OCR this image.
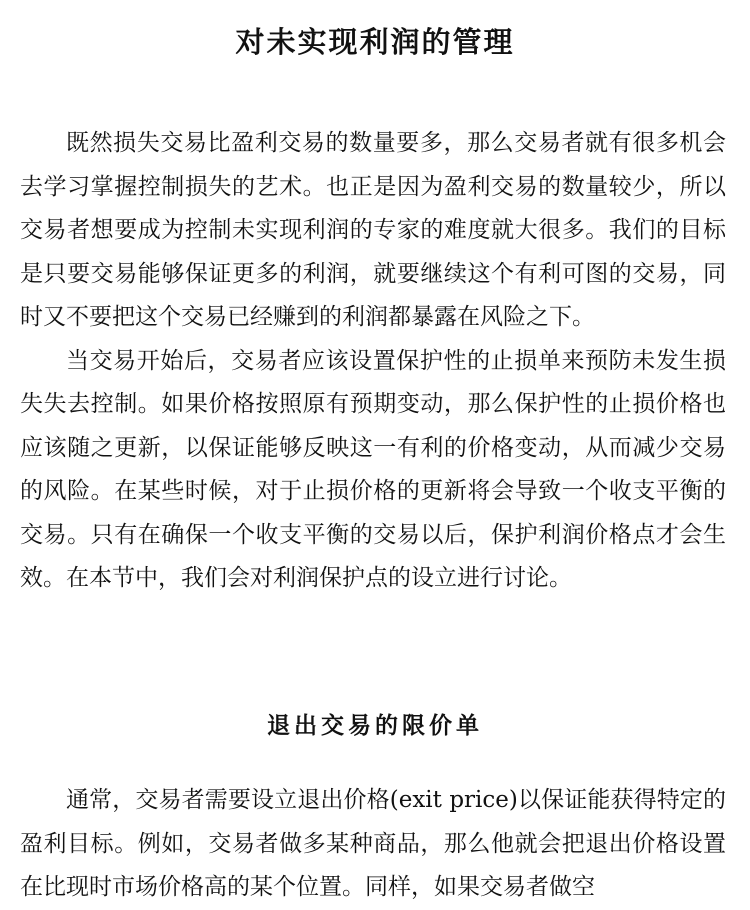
对未实现利润的管理

既然损失交易比盈利交易的数量要多，那么交易者就有很多机会去学习掌握控制损失的艺术。也正是因为盈利交易的数量较少，所以交易者想要成为控制未实现利润的专家的难度就大很多。我们的目标是只要交易能够保证更多的利润，就要继续这个有利可图的交易，同时又不要把这个交易已经赚到的利润都暴露在风险之下。

当交易开始后，交易者应该设置保护性的止损单来预防未发生损失失去控制。如果价格按照原有预期变动，那么保护性的止损价格也应该随之更新，以保证能够反映这一有利的价格变动，从而减少交易的风险。在某些时候，对于止损价格的更新将会导致一个收支平衡的交易。只有在确保一个收支平衡的交易以后，保护利润价格点才会生效。在本节中，我们会对利润保护点的设立进行讨论。

退出交易的限价单

通常，交易者需要设立退出价格(exit price)以保证能获得特定的盈利目标。例如，交易者做多某种商品，那么他就会把退出价格设置在比现时市场价格高的某个位置。同样，如果交易者做空
